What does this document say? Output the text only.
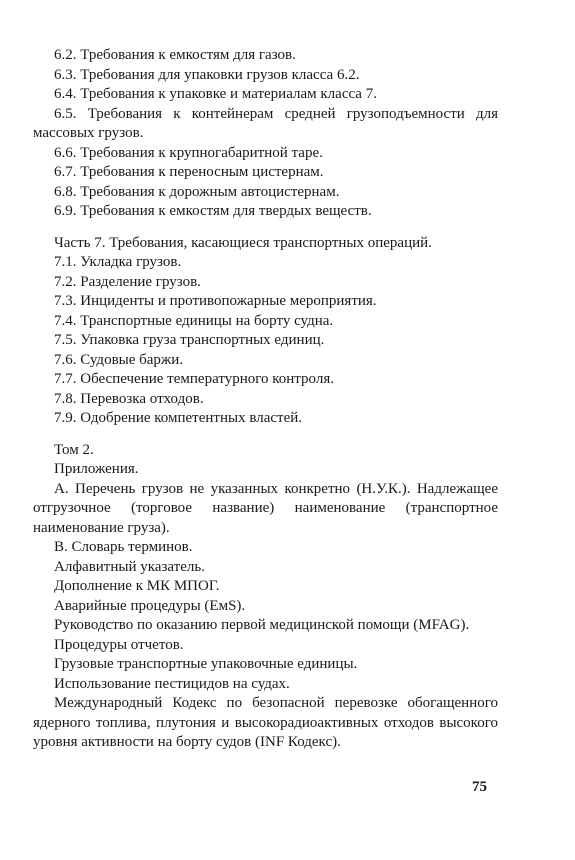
6.2. Требования к емкостям для газов.

6.3. Требования для упаковки грузов класса 6.2.

6.4. Требования к упаковке и материалам класса 7.

6.5. Требования к контейнерам средней грузоподъемности для массовых грузов.

6.6. Требования к крупногабаритной таре.

6.7. Требования к переносным цистернам.

6.8. Требования к дорожным автоцистернам.

6.9. Требования к емкостям для твердых веществ.

Часть 7. Требования, касающиеся транспортных операций.

7.1. Укладка грузов.

7.2. Разделение грузов.

7.3. Инциденты и противопожарные мероприятия.

7.4. Транспортные единицы на борту судна.

7.5. Упаковка груза транспортных единиц.

7.6. Судовые баржи.

7.7. Обеспечение температурного контроля.

7.8. Перевозка отходов.

7.9. Одобрение компетентных властей.

Том 2.

Приложения.

А. Перечень грузов не указанных конкретно (Н.У.К.). Надлежащее отгрузочное (торговое название) наименование (транспортное наименование груза).

В. Словарь терминов.

Алфавитный указатель.

Дополнение к МК МПОГ.

Аварийные процедуры (ЕмS).

Руководство по оказанию первой медицинской помощи (MFAG).

Процедуры отчетов.

Грузовые транспортные упаковочные единицы.

Использование пестицидов на судах.

Международный Кодекс по безопасной перевозке обогащенного ядерного топлива, плутония и высокорадиоактивных отходов высокого уровня активности на борту судов (INF Кодекс).

75
